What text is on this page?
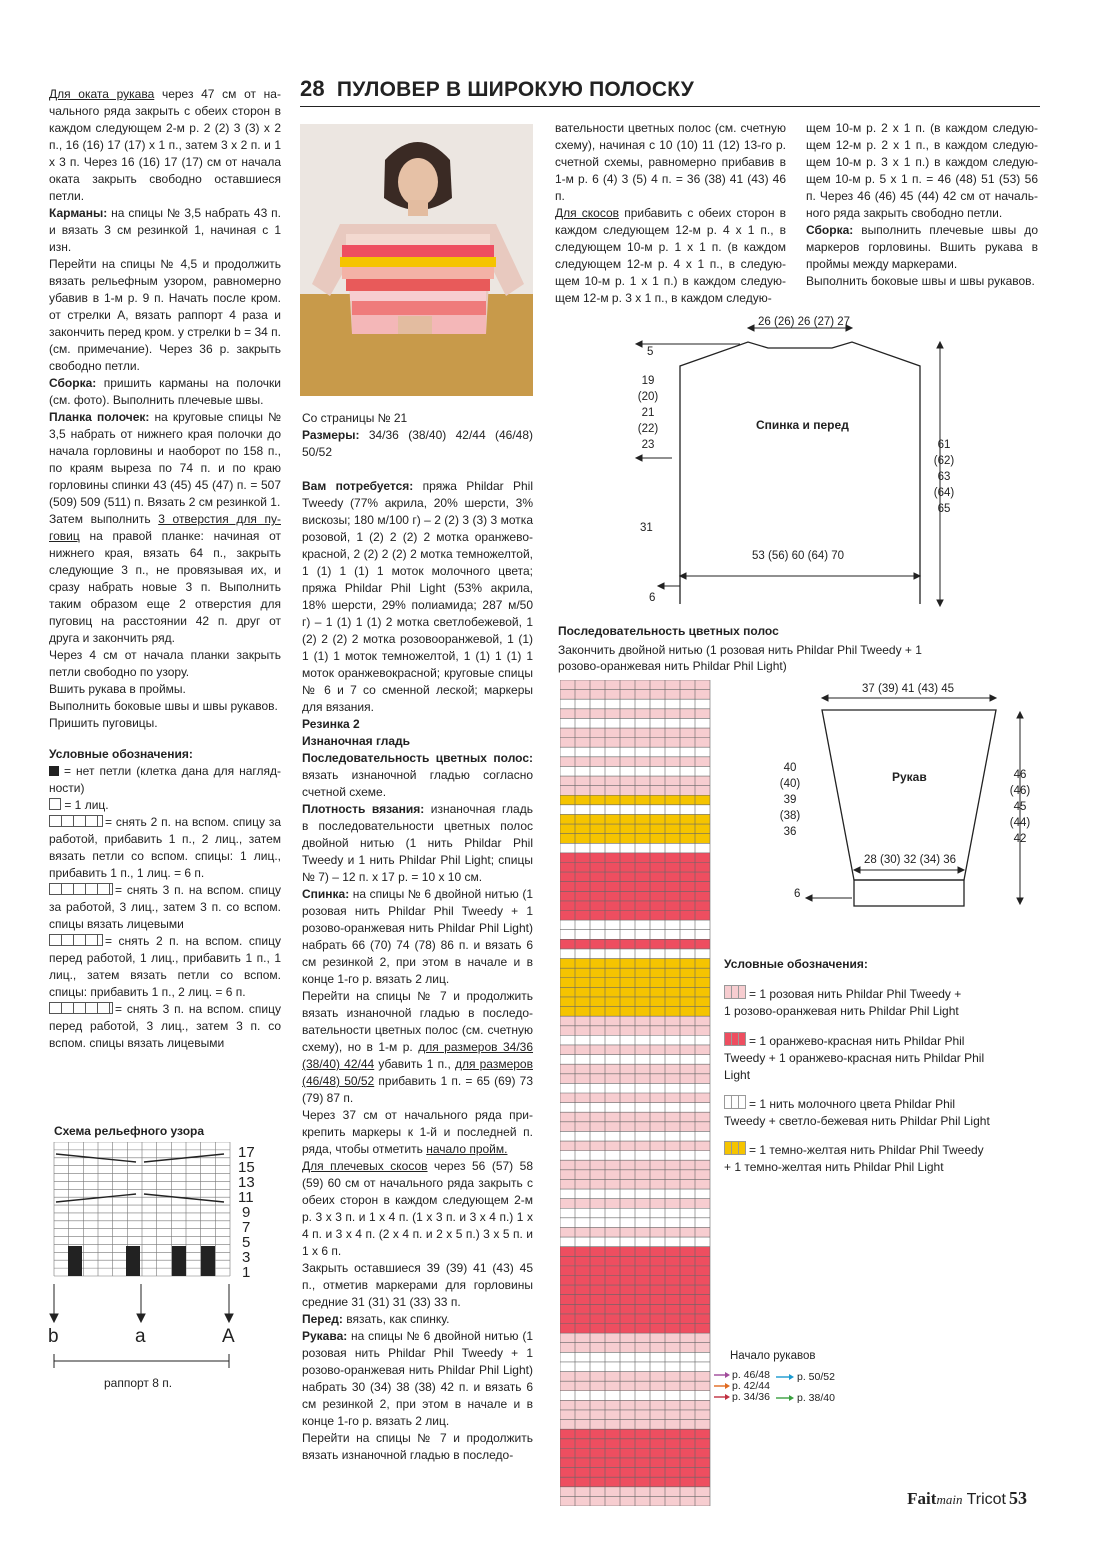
28 ПУЛОВЕР В ШИРОКУЮ ПОЛОСКУ

Для оката рукава через 47 см от начального ряда закрыть с обеих сторон в каждом следующем 2-м р. 2 (2) 3 (3) х 2 п., 16 (16) 17 (17) х 1 п., затем 3 х 2 п. и 1 х 3 п. Через 16 (16) 17 (17) см от начала оката закрыть свободно оставшиеся петли.

Карманы: на спицы № 3,5 набрать 43 п. и вязать 3 см резинкой 1, начиная с 1 изн.

Перейти на спицы № 4,5 и продолжить вязать рельефным узором, равномерно убавив в 1-м р. 9 п. Начать после кром. от стрелки А, вязать раппорт 4 раза и закончить перед кром. у стрелки b = 34 п. (см. примечание). Через 36 р. закрыть свободно петли.

Сборка: пришить карманы на полочки (см. фото). Выполнить плечевые швы.

Планка полочек: на круговые спицы № 3,5 набрать от нижнего края полочки до начала горловины и наоборот по 158 п., по краям выреза по 74 п. и по краю горловины спинки 43 (45) 45 (47) п. = 507 (509) 509 (511) п. Вязать 2 см резинкой 1.

Затем выполнить 3 отверстия для пуговиц на правой планке: начиная от нижнего края, вязать 64 п., закрыть следующие 3 п., не провязывая их, и сразу набрать новые 3 п. Выполнить таким образом еще 2 отверстия для пуговиц на расстоянии 42 п. друг от друга и закончить ряд.

Через 4 см от начала планки закрыть петли свободно по узору.

Вшить рукава в проймы.

Выполнить боковые швы и швы рукавов.

Пришить пуговицы.

Условные обозначения:

= нет петли (клетка дана для наглядности)

= 1 лиц.

= снять 2 п. на вспом. спицу за работой, прибавить 1 п., 2 лиц., затем вязать петли со вспом. спицы: 1 лиц., прибавить 1 п., 1 лиц. = 6 п.

= снять 3 п. на вспом. спицу за работой, 3 лиц., затем 3 п. со вспом. спицы вязать лицевыми

= снять 2 п. на вспом. спицу перед работой, 1 лиц., прибавить 1 п., 1 лиц., затем вязать петли со вспом. спицы: прибавить 1 п., 2 лиц. = 6 п.

= снять 3 п. на вспом. спицу перед работой, 3 лиц., затем 3 п. со вспом. спицы вязать лицевыми

Схема рельефного узора
17
15
13
11
9
7
5
3
1
b	a	A
раппорт 8 п.

Со страницы № 21

Размеры: 34/36 (38/40) 42/44 (46/48) 50/52

Вам потребуется: пряжа Phildar Phil Tweedy (77% акрила, 20% шерсти, 3% вискозы; 180 м/100 г) – 2 (2) 3 (3) 3 мотка розовой, 1 (2) 2 (2) 2 мотка оранжево-красной, 2 (2) 2 (2) 2 мотка темножелтой, 1 (1) 1 (1) 1 моток молочного цвета; пряжа Phildar Phil Light (53% акрила, 18% шерсти, 29% полиамида; 287 м/50 г) – 1 (1) 1 (1) 2 мотка светлобежевой, 1 (2) 2 (2) 2 мотка розовооранжевой, 1 (1) 1 (1) 1 моток темножелтой, 1 (1) 1 (1) 1 моток оранжевокрасной; круговые спицы № 6 и 7 со сменной леской; маркеры для вязания.

Резинка 2

Изнаночная гладь

Последовательность цветных полос: вязать изнаночной гладью согласно счетной схеме.

Плотность вязания: изнаночная гладь в последовательности цветных полос двойной нитью (1 нить Phildar Phil Tweedy и 1 нить Phildar Phil Light; спицы № 7) – 12 п. х 17 р. = 10 х 10 см.

Спинка: на спицы № 6 двойной нитью (1 розовая нить Phildar Phil Tweedy + 1 розово-оранжевая нить Phildar Phil Light) набрать 66 (70) 74 (78) 86 п. и вязать 6 см резинкой 2, при этом в начале и в конце 1-го р. вязать 2 лиц.

Перейти на спицы № 7 и продолжить вязать изнаночной гладью в последовательности цветных полос (см. счетную схему), но в 1-м р. для размеров 34/36 (38/40) 42/44 убавить 1 п., для размеров (46/48) 50/52 прибавить 1 п. = 65 (69) 73 (79) 87 п.

Через 37 см от начального ряда прикрепить маркеры к 1-й и последней п. ряда, чтобы отметить начало пройм.

Для плечевых скосов через 56 (57) 58 (59) 60 см от начального ряда закрыть с обеих сторон в каждом следующем 2-м р. 3 х 3 п. и 1 х 4 п. (1 х 3 п. и 3 х 4 п.) 1 х 4 п. и 3 х 4 п. (2 х 4 п. и 2 х 5 п.) 3 х 5 п. и 1 х 6 п.

Закрыть оставшиеся 39 (39) 41 (43) 45 п., отметив маркерами для горловины средние 31 (31) 31 (33) 33 п.

Перед: вязать, как спинку.

Рукава: на спицы № 6 двойной нитью (1 розовая нить Phildar Phil Tweedy + 1 розово-оранжевая нить Phildar Phil Light) набрать 30 (34) 38 (38) 42 п. и вязать 6 см резинкой 2, при этом в начале и в конце 1-го р. вязать 2 лиц.

Перейти на спицы № 7 и продолжить вязать изнаночной гладью в последо-

вательности цветных полос (см. счетную схему), начиная с 10 (10) 11 (12) 13-го р. счетной схемы, равномерно прибавив в 1-м р. 6 (4) 3 (5) 4 п. = 36 (38) 41 (43) 46 п.

Для скосов прибавить с обеих сторон в каждом следующем 12-м р. 4 х 1 п., в следующем 10-м р. 1 х 1 п. (в каждом следующем 12-м р. 4 х 1 п., в следующем 10-м р. 1 х 1 п.) в каждом следующем 12-м р. 3 х 1 п., в каждом следую-

щем 10-м р. 2 х 1 п. (в каждом следующем 12-м р. 2 х 1 п., в каждом следующем 10-м р. 3 х 1 п.) в каждом следующем 10-м р. 5 х 1 п. = 46 (48) 51 (53) 56 п. Через 46 (46) 45 (44) 42 см от начального ряда закрыть свободно петли.

Сборка: выполнить плечевые швы до маркеров горловины. Вшить рукава в проймы между маркерами.

Выполнить боковые швы и швы рукавов.

26 (26) 26 (27) 27
5
19
(20)
21
(22)
23
Спинка и перед
61
(62)
63
(64)
65
31
53 (56) 60 (64) 70
6
Последовательность цветных полос
Закончить двойной нитью (1 розовая нить Phildar Phil Tweedy + 1 розово-оранжевая нить Phildar Phil Light)
Начало рукавов
р. 46/48
р. 42/44
р. 34/36
р. 50/52
р. 38/40
37 (39) 41 (43) 45
Рукав
40
(40)
39
(38)
36
46
(46)
45
(44)
42
28 (30) 32 (34) 36
6

Условные обозначения:

= 1 розовая нить Phildar Phil Tweedy +
1 розово-оранжевая нить Phildar Phil Light
= 1 оранжево-красная нить Phildar Phil
Tweedy + 1 оранжево-красная нить Phildar Phil
Light
= 1 нить молочного цвета Phildar Phil
Tweedy + светло-бежевая нить Phildar Phil Light
= 1 темно-желтая нить Phildar Phil Tweedy
+ 1 темно-желтая нить Phildar Phil Light
Faitmain Tricot 53
